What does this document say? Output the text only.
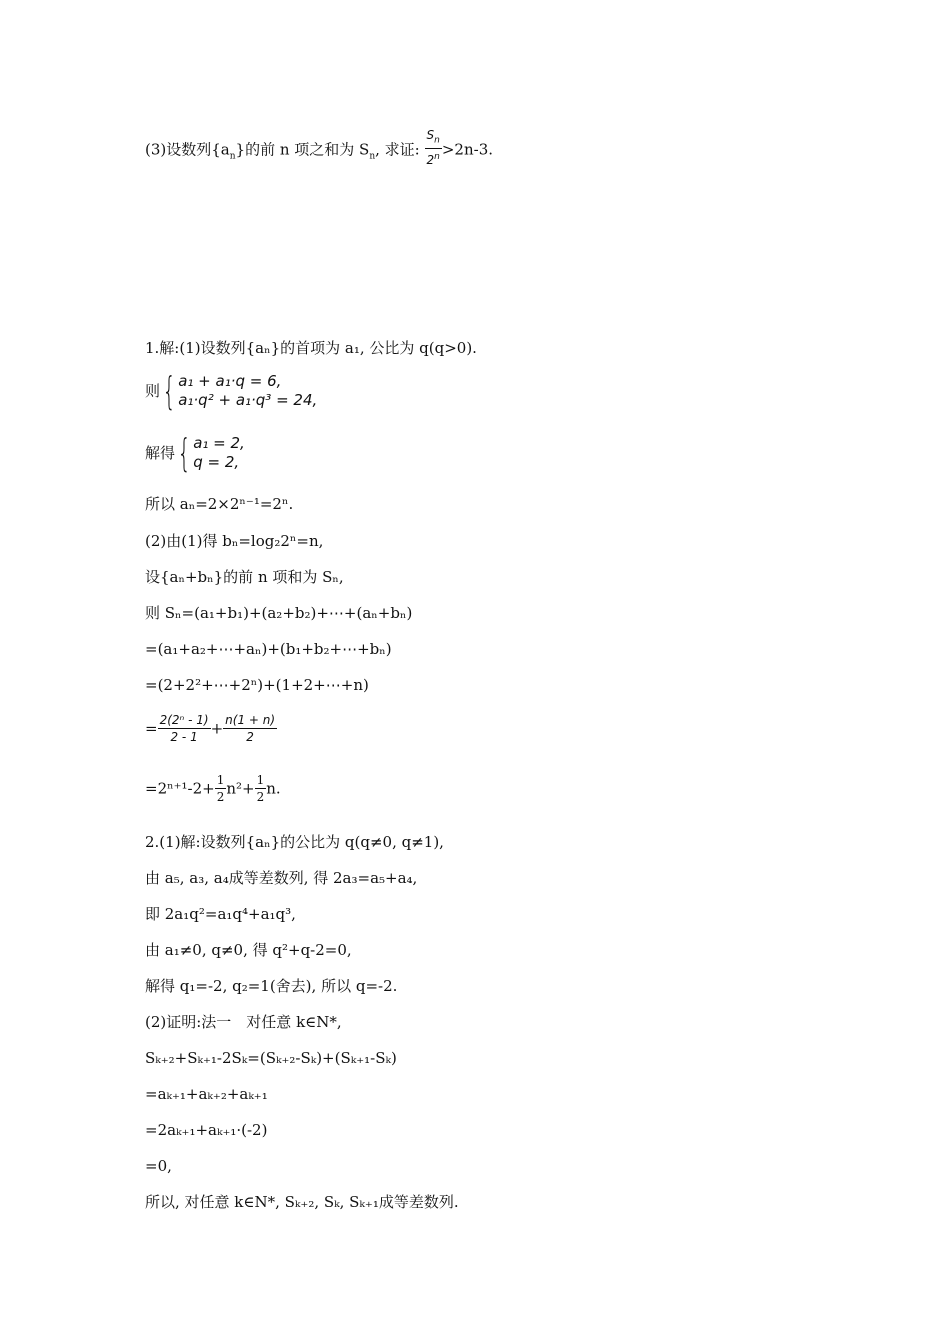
(3)设数列$\{a_n\}$的前 n 项之和为 $S_n$, 求证: $\frac{S_n}{2^n} >2n-3$.
1.解:(1)设数列{aₙ}的首项为 a₁, 公比为 q(q>0).
则{ a₁ + a₁·q = 6,
a₁·q² + a₁·q³ = 24,
解得{ a₁ = 2,
q = 2,
所以 aₙ=2×2ⁿ⁻¹=2ⁿ.
(2)由(1)得 bₙ=log₂2ⁿ=n,
设{aₙ+bₙ}的前 n 项和为 Sₙ,
则 Sₙ=(a₁+b₁)+(a₂+b₂)+⋯+(aₙ+bₙ)
=(a₁+a₂+⋯+aₙ)+(b₁+b₂+⋯+bₙ)
=(2+2²+⋯+2ⁿ)+(1+2+⋯+n)
= $\frac{\text{2(2ⁿ - 1)}}{2 - 1} + \frac{n(1 + n)}{2}$
$=2^{n+1}-2+ \frac{1}{2} n^2+ \frac{1}{2} n$.
2.(1)解:设数列{aₙ}的公比为 q(q≠0, q≠1),
由 a₅, a₃, a₄成等差数列, 得 2a₃=a₅+a₄,
即 2a₁q²=a₁q⁴+a₁q³,
由 a₁≠0, q≠0, 得 q²+q-2=0,
解得 q₁=-2, q₂=1(舍去), 所以 q=-2.
(2)证明:法一　对任意 k∈N*,
Sₖ₊₂+Sₖ₊₁-2Sₖ=(Sₖ₊₂-Sₖ)+(Sₖ₊₁-Sₖ)
=aₖ₊₁+aₖ₊₂+aₖ₊₁
=2aₖ₊₁+aₖ₊₁·(-2)
=0,
所以, 对任意 k∈N*, Sₖ₊₂, Sₖ, Sₖ₊₁成等差数列.
